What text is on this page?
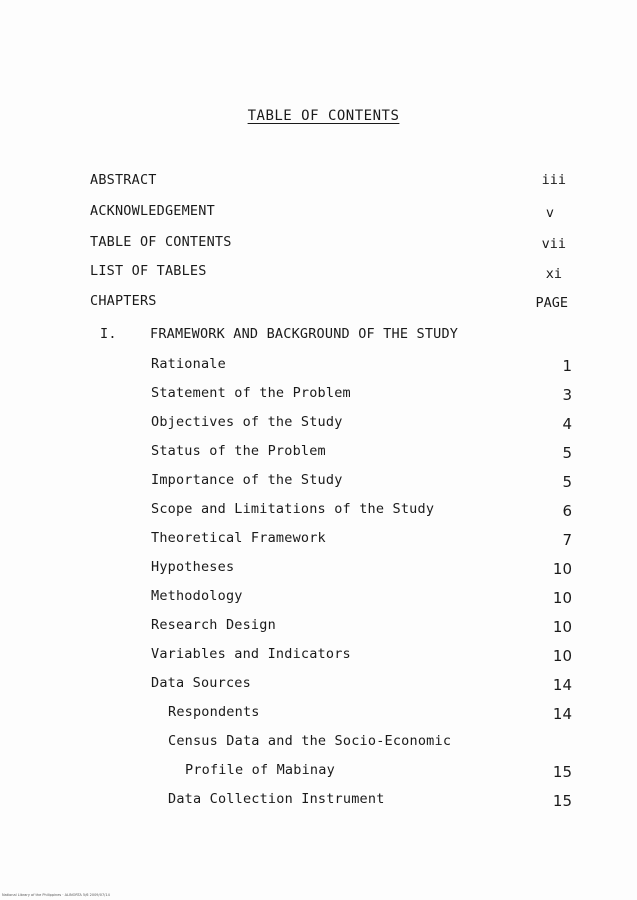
TABLE OF CONTENTS
ABSTRACT	iii
ACKNOWLEDGEMENT	v
TABLE OF CONTENTS	vii
LIST OF TABLES	xi
CHAPTERS	PAGE
I. FRAMEWORK AND BACKGROUND OF THE STUDY
Rationale	1
Statement of the Problem	3
Objectives of the Study	4
Status of the Problem	5
Importance of the Study	5
Scope and Limitations of the Study	6
Theoretical Framework	7
Hypotheses	10
Methodology	10
Research Design	10
Variables and Indicators	10
Data Sources	14
Respondents	14
Census Data and the Socio-Economic
Profile of Mabinay	15
Data Collection Instrument	15
National Library of the Philippines · ALINORTA 5/6 2009/07/14
